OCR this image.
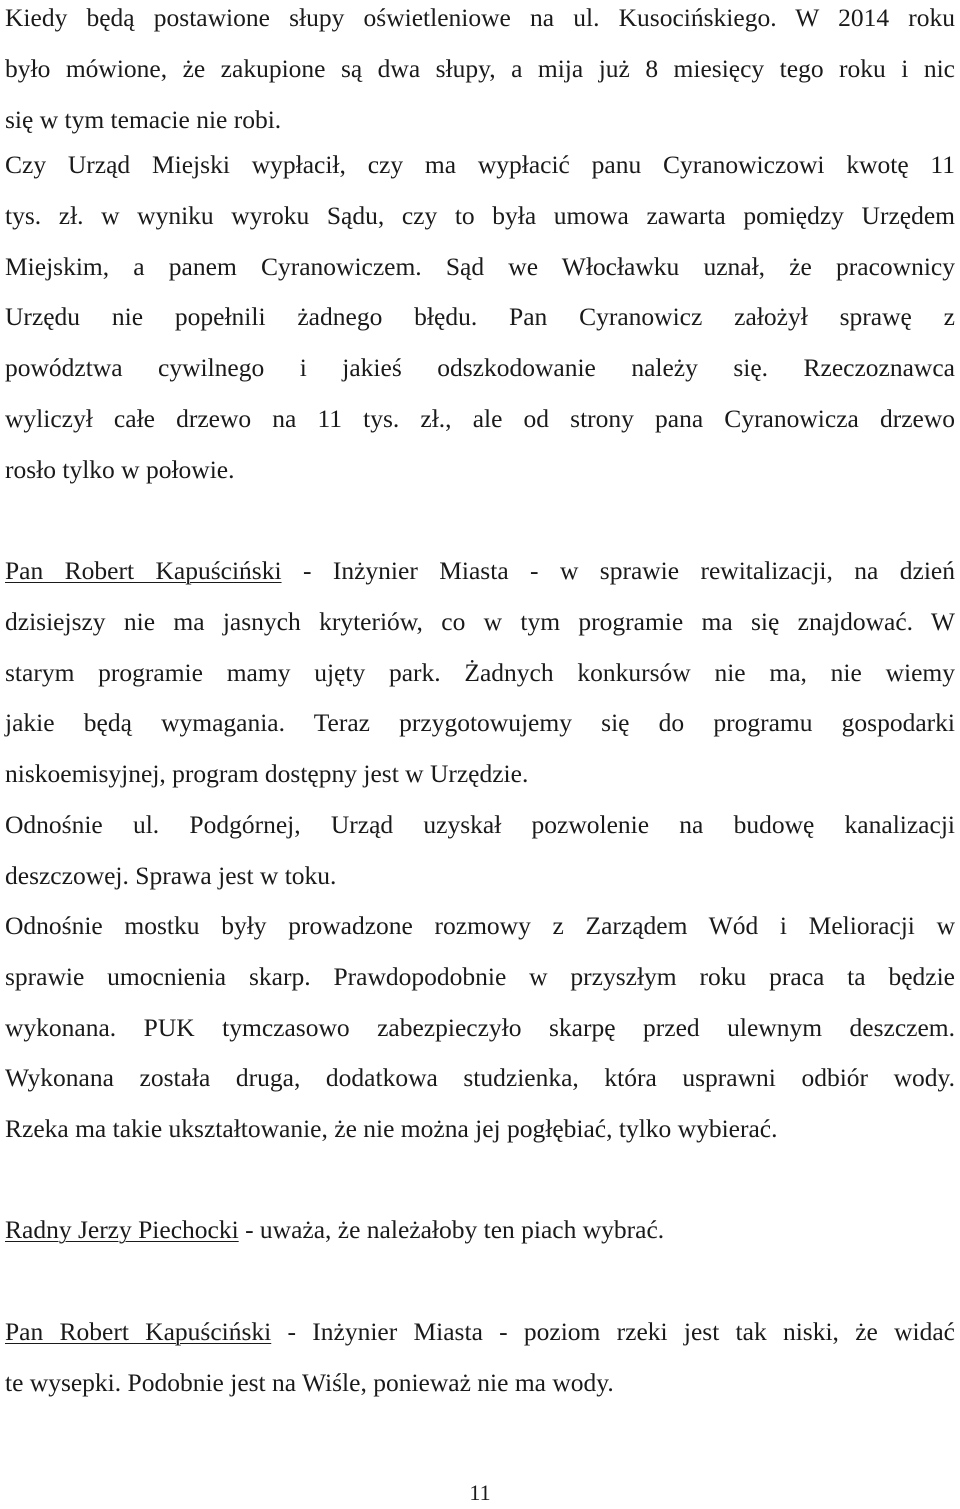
Kiedy będą postawione słupy oświetleniowe na ul. Kusocińskiego. W 2014 roku
było mówione, że zakupione są dwa słupy, a mija już 8 miesięcy tego roku i nic
się w tym temacie nie robi.
Czy Urząd Miejski wypłacił, czy ma wypłacić panu Cyranowiczowi kwotę 11
tys. zł. w wyniku wyroku Sądu, czy to była umowa zawarta pomiędzy Urzędem
Miejskim, a panem Cyranowiczem. Sąd we Włocławku uznał, że pracownicy
Urzędu nie popełnili żadnego błędu. Pan Cyranowicz założył sprawę z
powództwa cywilnego i jakieś odszkodowanie należy się. Rzeczoznawca
wyliczył całe drzewo na 11 tys. zł., ale od strony pana Cyranowicza drzewo
rosło tylko w połowie.
Pan Robert Kapuściński - Inżynier Miasta - w sprawie rewitalizacji, na dzień
dzisiejszy nie ma jasnych kryteriów, co w tym programie ma się znajdować. W
starym programie mamy ujęty park. Żadnych konkursów nie ma, nie wiemy
jakie będą wymagania. Teraz przygotowujemy się do programu gospodarki
niskoemisyjnej, program dostępny jest w Urzędzie.
Odnośnie ul. Podgórnej, Urząd uzyskał pozwolenie na budowę kanalizacji
deszczowej. Sprawa jest w toku.
Odnośnie mostku były prowadzone rozmowy z Zarządem Wód i Melioracji w
sprawie umocnienia skarp. Prawdopodobnie w przyszłym roku praca ta będzie
wykonana. PUK tymczasowo zabezpieczyło skarpę przed ulewnym deszczem.
Wykonana została druga, dodatkowa studzienka, która usprawni odbiór wody.
Rzeka ma takie ukształtowanie, że nie można jej pogłębiać, tylko wybierać.
Radny Jerzy Piechocki - uważa, że należałoby ten piach wybrać.
Pan Robert Kapuściński - Inżynier Miasta - poziom rzeki jest tak niski, że widać
te wysepki. Podobnie jest na Wiśle, ponieważ nie ma wody.
11
